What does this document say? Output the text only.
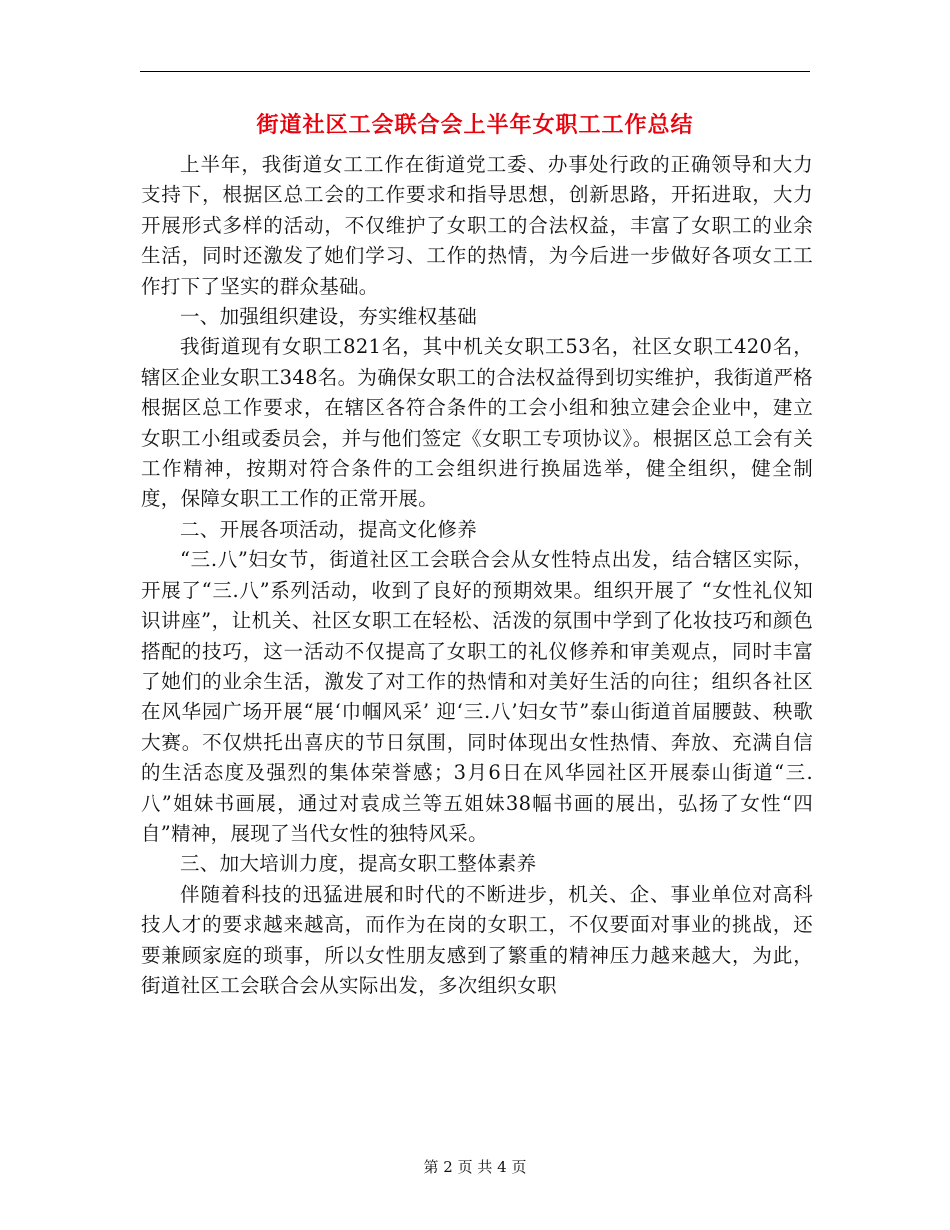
街道社区工会联合会上半年女职工工作总结

上半年，我街道女工工作在街道党工委、办事处行政的正确领导和大力支持下，根据区总工会的工作要求和指导思想，创新思路，开拓进取，大力开展形式多样的活动，不仅维护了女职工的合法权益，丰富了女职工的业余生活，同时还激发了她们学习、工作的热情，为今后进一步做好各项女工工作打下了坚实的群众基础。

一、加强组织建设，夯实维权基础

我街道现有女职工821名，其中机关女职工53名，社区女职工420名，辖区企业女职工348名。为确保女职工的合法权益得到切实维护，我街道严格根据区总工作要求，在辖区各符合条件的工会小组和独立建会企业中，建立女职工小组或委员会，并与他们签定《女职工专项协议》。根据区总工会有关工作精神，按期对符合条件的工会组织进行换届选举，健全组织，健全制度，保障女职工工作的正常开展。

二、开展各项活动，提高文化修养

“三.八”妇女节，街道社区工会联合会从女性特点出发，结合辖区实际，开展了“三.八”系列活动，收到了良好的预期效果。组织开展了 “女性礼仪知识讲座”，让机关、社区女职工在轻松、活泼的氛围中学到了化妆技巧和颜色搭配的技巧，这一活动不仅提高了女职工的礼仪修养和审美观点，同时丰富了她们的业余生活，激发了对工作的热情和对美好生活的向往；组织各社区在风华园广场开展“展‘巾帼风采’ 迎‘三.八’妇女节”泰山街道首届腰鼓、秧歌大赛。不仅烘托出喜庆的节日氛围，同时体现出女性热情、奔放、充满自信的生活态度及强烈的集体荣誉感；3月6日在风华园社区开展泰山街道“三.八”姐妹书画展，通过对袁成兰等五姐妹38幅书画的展出，弘扬了女性“四自”精神，展现了当代女性的独特风采。

三、加大培训力度，提高女职工整体素养

伴随着科技的迅猛进展和时代的不断进步，机关、企、事业单位对高科技人才的要求越来越高，而作为在岗的女职工，不仅要面对事业的挑战，还要兼顾家庭的琐事，所以女性朋友感到了繁重的精神压力越来越大，为此，街道社区工会联合会从实际出发，多次组织女职

第 2 页 共 4 页
